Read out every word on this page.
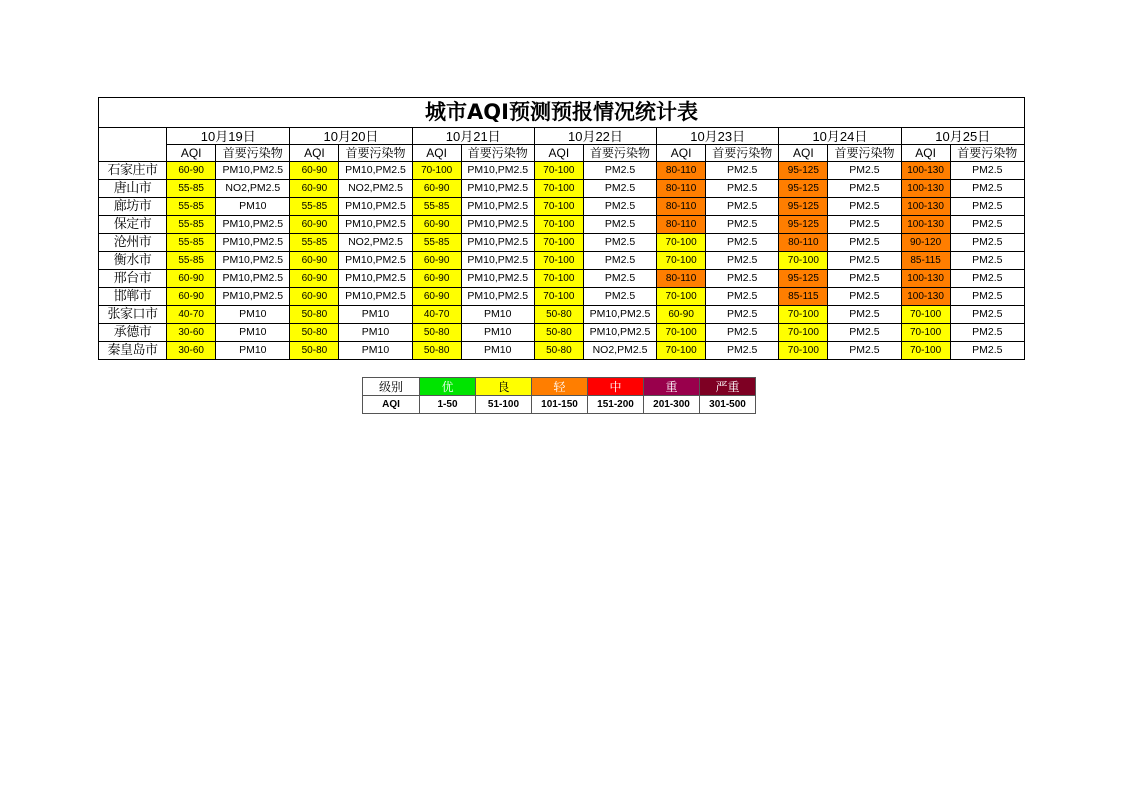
城市AQI预测预报情况统计表														
	10月19日		10月20日		10月21日		10月22日		10月23日		10月24日		10月25日	
	AQI	首要污染物	AQI	首要污染物	AQI	首要污染物	AQI	首要污染物	AQI	首要污染物	AQI	首要污染物	AQI	首要污染物
石家庄市	60-90	PM10,PM2.5	60-90	PM10,PM2.5	70-100	PM10,PM2.5	70-100	PM2.5	80-110	PM2.5	95-125	PM2.5	100-130	PM2.5
唐山市	55-85	NO2,PM2.5	60-90	NO2,PM2.5	60-90	PM10,PM2.5	70-100	PM2.5	80-110	PM2.5	95-125	PM2.5	100-130	PM2.5
廊坊市	55-85	PM10	55-85	PM10,PM2.5	55-85	PM10,PM2.5	70-100	PM2.5	80-110	PM2.5	95-125	PM2.5	100-130	PM2.5
保定市	55-85	PM10,PM2.5	60-90	PM10,PM2.5	60-90	PM10,PM2.5	70-100	PM2.5	80-110	PM2.5	95-125	PM2.5	100-130	PM2.5
沧州市	55-85	PM10,PM2.5	55-85	NO2,PM2.5	55-85	PM10,PM2.5	70-100	PM2.5	70-100	PM2.5	80-110	PM2.5	90-120	PM2.5
衡水市	55-85	PM10,PM2.5	60-90	PM10,PM2.5	60-90	PM10,PM2.5	70-100	PM2.5	70-100	PM2.5	70-100	PM2.5	85-115	PM2.5
邢台市	60-90	PM10,PM2.5	60-90	PM10,PM2.5	60-90	PM10,PM2.5	70-100	PM2.5	80-110	PM2.5	95-125	PM2.5	100-130	PM2.5
邯郸市	60-90	PM10,PM2.5	60-90	PM10,PM2.5	60-90	PM10,PM2.5	70-100	PM2.5	70-100	PM2.5	85-115	PM2.5	100-130	PM2.5
张家口市	40-70	PM10	50-80	PM10	40-70	PM10	50-80	PM10,PM2.5	60-90	PM2.5	70-100	PM2.5	70-100	PM2.5
承德市	30-60	PM10	50-80	PM10	50-80	PM10	50-80	PM10,PM2.5	70-100	PM2.5	70-100	PM2.5	70-100	PM2.5
秦皇岛市	30-60	PM10	50-80	PM10	50-80	PM10	50-80	NO2,PM2.5	70-100	PM2.5	70-100	PM2.5	70-100	PM2.5
级别	优	良	轻	中	重	严重
AQI	1-50	51-100	101-150	151-200	201-300	301-500
